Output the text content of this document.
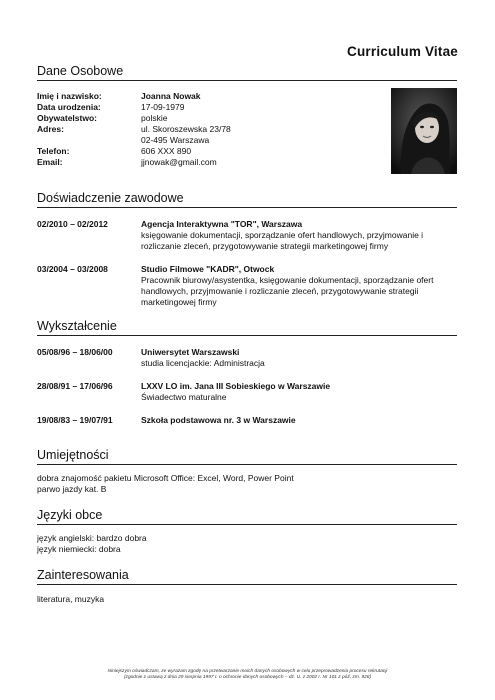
Curriculum Vitae
Dane Osobowe
Imię i nazwisko:	Joanna Nowak
Data urodzenia:	17-09-1979
Obywatelstwo:	polskie
Adres:	ul. Skoroszewska 23/78
02-495 Warszawa
Telefon:	606 XXX 890
Email:	jjnowak@gmail.com
Doświadczenie zawodowe
02/2010 – 02/2012	Agencja Interaktywna "TOR", Warszawa
księgowanie dokumentacji, sporządzanie ofert handlowych, przyjmowanie i rozliczanie zleceń, przygotowywanie strategii marketingowej firmy
03/2004 – 03/2008	Studio Filmowe "KADR", Otwock
Pracownik biurowy/asystentka, księgowanie dokumentacji, sporządzanie ofert handlowych, przyjmowanie i rozliczanie zleceń, przygotowywanie strategii marketingowej firmy
Wykształcenie
05/08/96 – 18/06/00	Uniwersytet Warszawski
studia licencjackie: Administracja
28/08/91 – 17/06/96	LXXV LO im. Jana III Sobieskiego w Warszawie
Świadectwo maturalne
19/08/83 – 19/07/91	Szkoła podstawowa nr. 3 w Warszawie
Umiejętności
dobra znajomość pakietu Microsoft Office: Excel, Word, Power Point
parwo jazdy kat. B
Języki obce
język angielski: bardzo dobra
język niemiecki: dobra
Zainteresowania
literatura, muzyka
Niniejszym oświadczam, ze wyrazam zgodę na przetwarzanie moich danych osobowych w celu przeprowadzenia procesu rekrutacji
(zgodnie z ustawą z dnia 29 sierpnia 1997 r. o ochronie danych osobowych – dz. U. z 2002 r. Nr 101 z póź. zm. 926)
